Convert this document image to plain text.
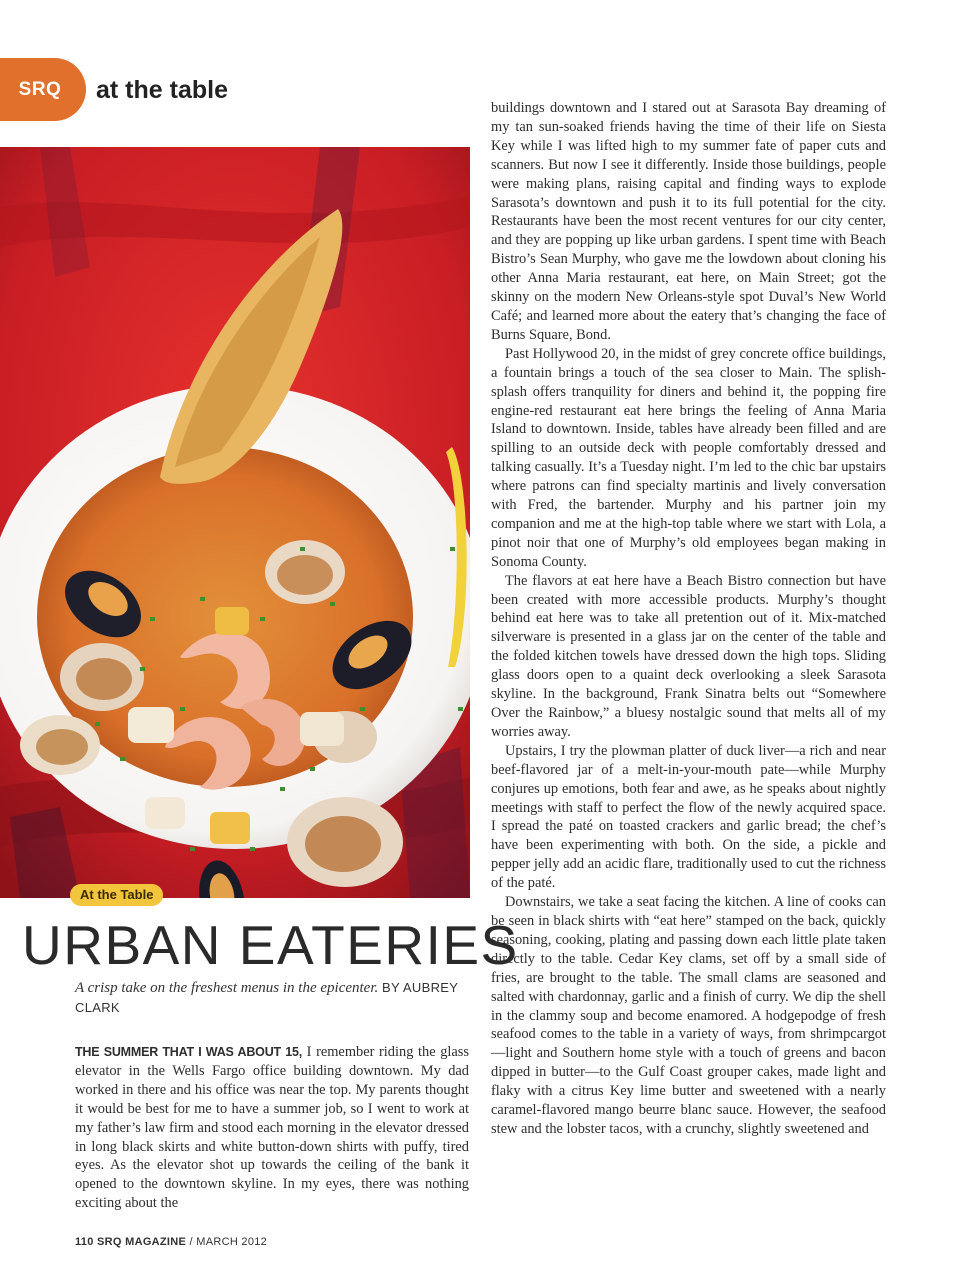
SRQ at the table
At the Table
URBAN EATERIES
A crisp take on the freshest menus in the epicenter. BY AUBREY CLARK

THE SUMMER THAT I WAS ABOUT 15, I remember riding the glass elevator in the Wells Fargo office building downtown. My dad worked in there and his office was near the top. My parents thought it would be best for me to have a summer job, so I went to work at my father’s law firm and stood each morning in the elevator dressed in long black skirts and white button-down shirts with puffy, tired eyes. As the elevator shot up towards the ceiling of the bank it opened to the downtown skyline. In my eyes, there was nothing exciting about the

buildings downtown and I stared out at Sarasota Bay dreaming of my tan sun-soaked friends having the time of their life on Siesta Key while I was lifted high to my summer fate of paper cuts and scanners. But now I see it differently. Inside those buildings, people were making plans, raising capital and finding ways to explode Sarasota’s downtown and push it to its full potential for the city. Restaurants have been the most recent ventures for our city center, and they are popping up like urban gardens. I spent time with Beach Bistro’s Sean Murphy, who gave me the lowdown about cloning his other Anna Maria restaurant, eat here, on Main Street; got the skinny on the modern New Orleans-style spot Duval’s New World Café; and learned more about the eatery that’s changing the face of Burns Square, Bond.

Past Hollywood 20, in the midst of grey concrete office buildings, a fountain brings a touch of the sea closer to Main. The splish-splash offers tranquility for diners and behind it, the popping fire engine-red restaurant eat here brings the feeling of Anna Maria Island to downtown. Inside, tables have already been filled and are spilling to an outside deck with people comfortably dressed and talking casually. It’s a Tuesday night. I’m led to the chic bar upstairs where patrons can find specialty martinis and lively conversation with Fred, the bartender. Murphy and his partner join my companion and me at the high-top table where we start with Lola, a pinot noir that one of Murphy’s old employees began making in Sonoma County.

The flavors at eat here have a Beach Bistro connection but have been created with more accessible products. Murphy’s thought behind eat here was to take all pretention out of it. Mix-matched silverware is presented in a glass jar on the center of the table and the folded kitchen towels have dressed down the high tops. Sliding glass doors open to a quaint deck overlooking a sleek Sarasota skyline. In the background, Frank Sinatra belts out “Somewhere Over the Rainbow,” a bluesy nostalgic sound that melts all of my worries away.

Upstairs, I try the plowman platter of duck liver—a rich and near beef-flavored jar of a melt-in-your-mouth pate—while Murphy conjures up emotions, both fear and awe, as he speaks about nightly meetings with staff to perfect the flow of the newly acquired space. I spread the paté on toasted crackers and garlic bread; the chef’s have been experimenting with both. On the side, a pickle and pepper jelly add an acidic flare, traditionally used to cut the richness of the paté.

Downstairs, we take a seat facing the kitchen. A line of cooks can be seen in black shirts with “eat here” stamped on the back, quickly seasoning, cooking, plating and passing down each little plate taken directly to the table. Cedar Key clams, set off by a small side of fries, are brought to the table. The small clams are seasoned and salted with chardonnay, garlic and a finish of curry. We dip the shell in the clammy soup and become enamored. A hodgepodge of fresh seafood comes to the table in a variety of ways, from shrimpcargot—light and Southern home style with a touch of greens and bacon dipped in butter—to the Gulf Coast grouper cakes, made light and flaky with a citrus Key lime butter and sweetened with a nearly caramel-flavored mango beurre blanc sauce. However, the seafood stew and the lobster tacos, with a crunchy, slightly sweetened and

110 SRQ MAGAZINE / MARCH 2012
